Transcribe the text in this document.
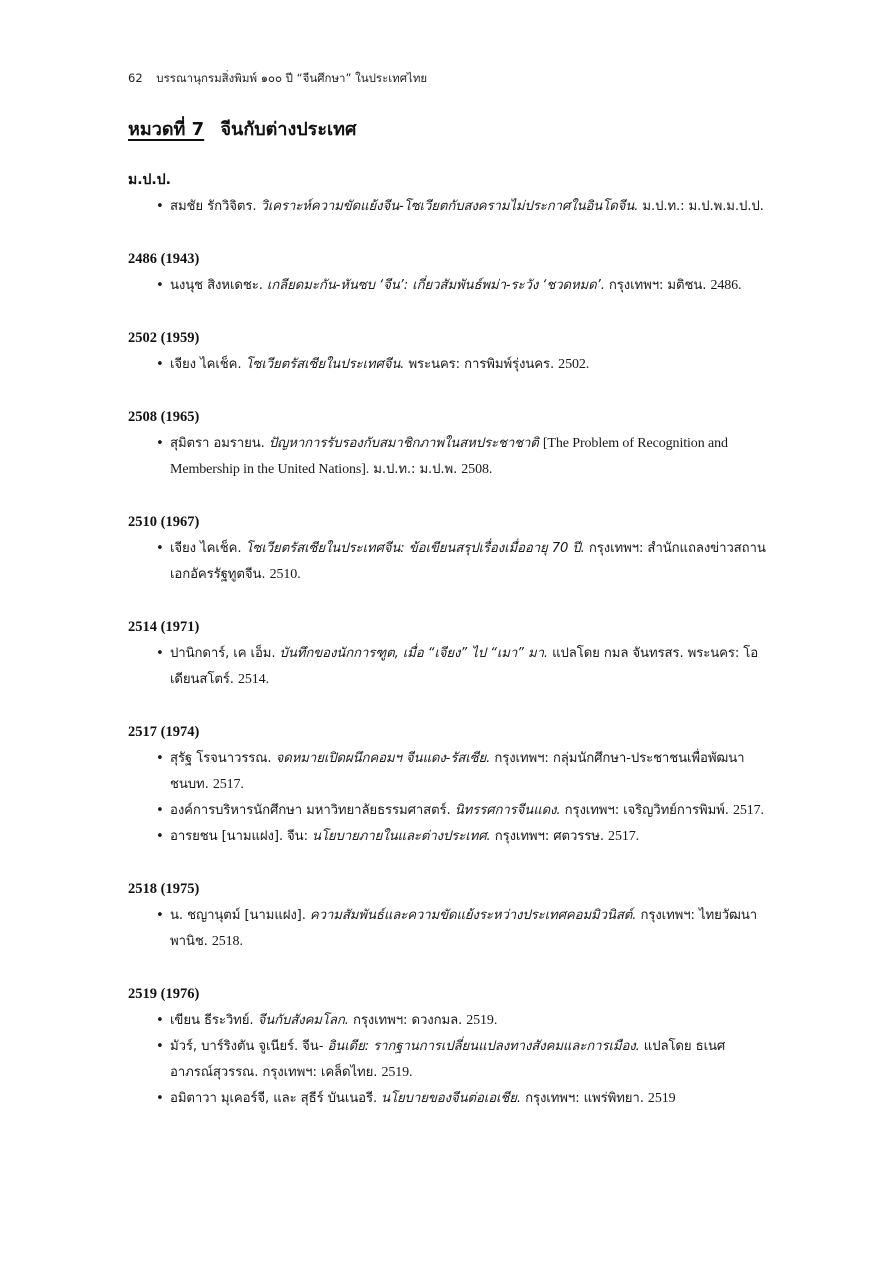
62 บรรณานุกรมสิ่งพิมพ์ ๑๐๐ ปี “จีนศึกษา” ในประเทศไทย
หมวดที่ 7 จีนกับต่างประเทศ
ม.ป.ป.
• สมชัย รักวิจิตร. วิเคราะห์ความขัดแย้งจีน-โซเวียตกับสงครามไม่ประกาศในอินโดจีน. ม.ป.ท.: ม.ป.พ.ม.ป.ป.
2486 (1943)
• นงนุช สิงหเดชะ. เกลียดมะกัน-หันซบ ‘จีน’: เกี่ยวสัมพันธ์พม่า-ระวัง ‘ชวดหมด’. กรุงเทพฯ: มติชน. 2486.
2502 (1959)
• เจียง ไคเช็ค. โซเวียตรัสเซียในประเทศจีน. พระนคร: การพิมพ์รุ่งนคร. 2502.
2508 (1965)
• สุมิตรา อมรายน. ปัญหาการรับรองกับสมาชิกภาพในสหประชาชาติ [The Problem of Recognition and Membership in the United Nations]. ม.ป.ท.: ม.ป.พ. 2508.
2510 (1967)
• เจียง ไคเช็ค. โซเวียตรัสเซียในประเทศจีน: ข้อเขียนสรุปเรื่องเมื่ออายุ 70 ปี. กรุงเทพฯ: สำนักแถลงข่าวสถานเอกอัครรัฐทูตจีน. 2510.
2514 (1971)
• ปานิกดาร์, เค เอ็ม. บันทึกของนักการฑูต, เมื่อ “เจียง” ไป “เมา” มา. แปลโดย กมล จันทรสร. พระนคร: โอเดียนสโตร์. 2514.
2517 (1974)
• สุรัฐ โรจนาวรรณ. จดหมายเปิดผนึกคอมฯ จีนแดง-รัสเซีย. กรุงเทพฯ: กลุ่มนักศึกษา-ประชาชนเพื่อพัฒนาชนบท. 2517.
• องค์การบริหารนักศึกษา มหาวิทยาลัยธรรมศาสตร์. นิทรรศการจีนแดง. กรุงเทพฯ: เจริญวิทย์การพิมพ์. 2517.
• อารยชน [นามแฝง]. จีน: นโยบายภายในและต่างประเทศ. กรุงเทพฯ: ศตวรรษ. 2517.
2518 (1975)
• น. ชญานุตม์ [นามแฝง]. ความสัมพันธ์และความขัดแย้งระหว่างประเทศคอมมิวนิสต์. กรุงเทพฯ: ไทยวัฒนาพานิช. 2518.
2519 (1976)
• เขียน ธีระวิทย์. จีนกับสังคมโลก. กรุงเทพฯ: ดวงกมล. 2519.
• มัวร์, บาร์ริงตัน จูเนียร์. จีน- อินเดีย: รากฐานการเปลี่ยนแปลงทางสังคมและการเมือง. แปลโดย ธเนศ อาภรณ์สุวรรณ. กรุงเทพฯ: เคล็ดไทย. 2519.
• อมิตาวา มุเคอร์จี, และ สุธีร์ บันเนอรี. นโยบายของจีนต่อเอเชีย. กรุงเทพฯ: แพร่พิทยา. 2519
